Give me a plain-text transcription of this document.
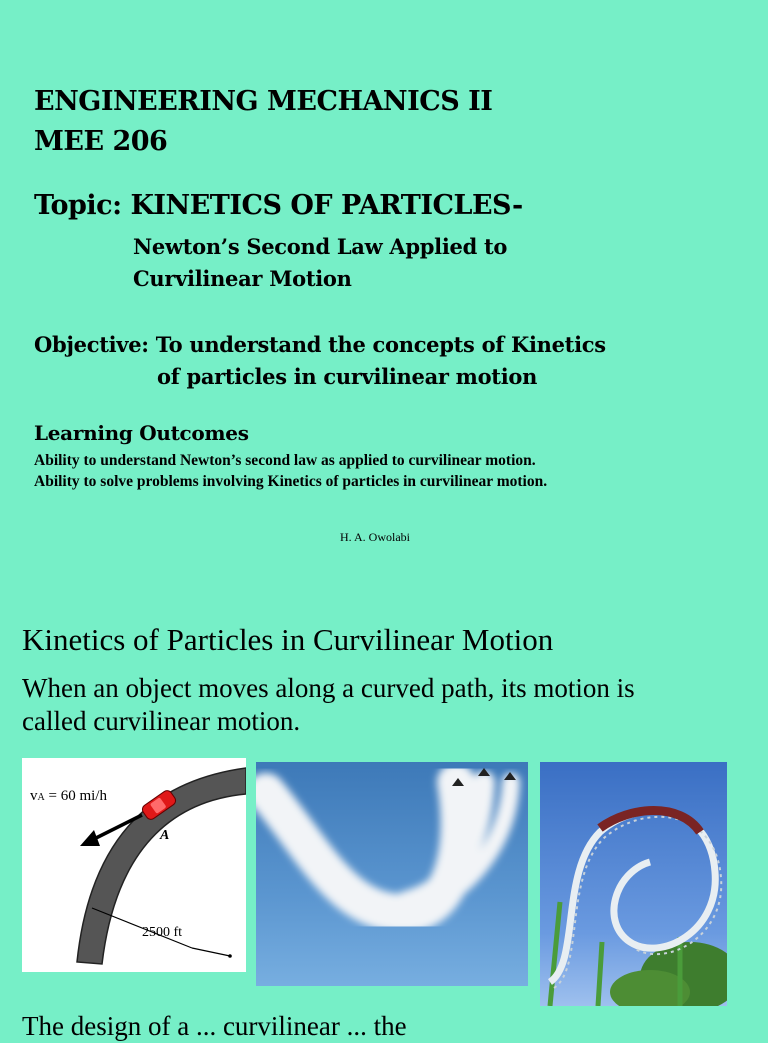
ENGINEERING MECHANICS II
MEE 206
Topic: KINETICS OF PARTICLES-
Newton’s Second Law Applied to
Curvilinear Motion
Objective: To understand the concepts of Kinetics
of particles in curvilinear motion
Learning Outcomes
Ability to understand Newton’s second law as applied to curvilinear motion.
Ability to solve problems involving Kinetics of particles in curvilinear motion.
H. A. Owolabi
Kinetics of Particles in Curvilinear Motion
When an object moves along a curved path, its motion is
called curvilinear motion.
vA = 60 mi/h
A
2500 ft
The design of a ... curvilinear ... the
